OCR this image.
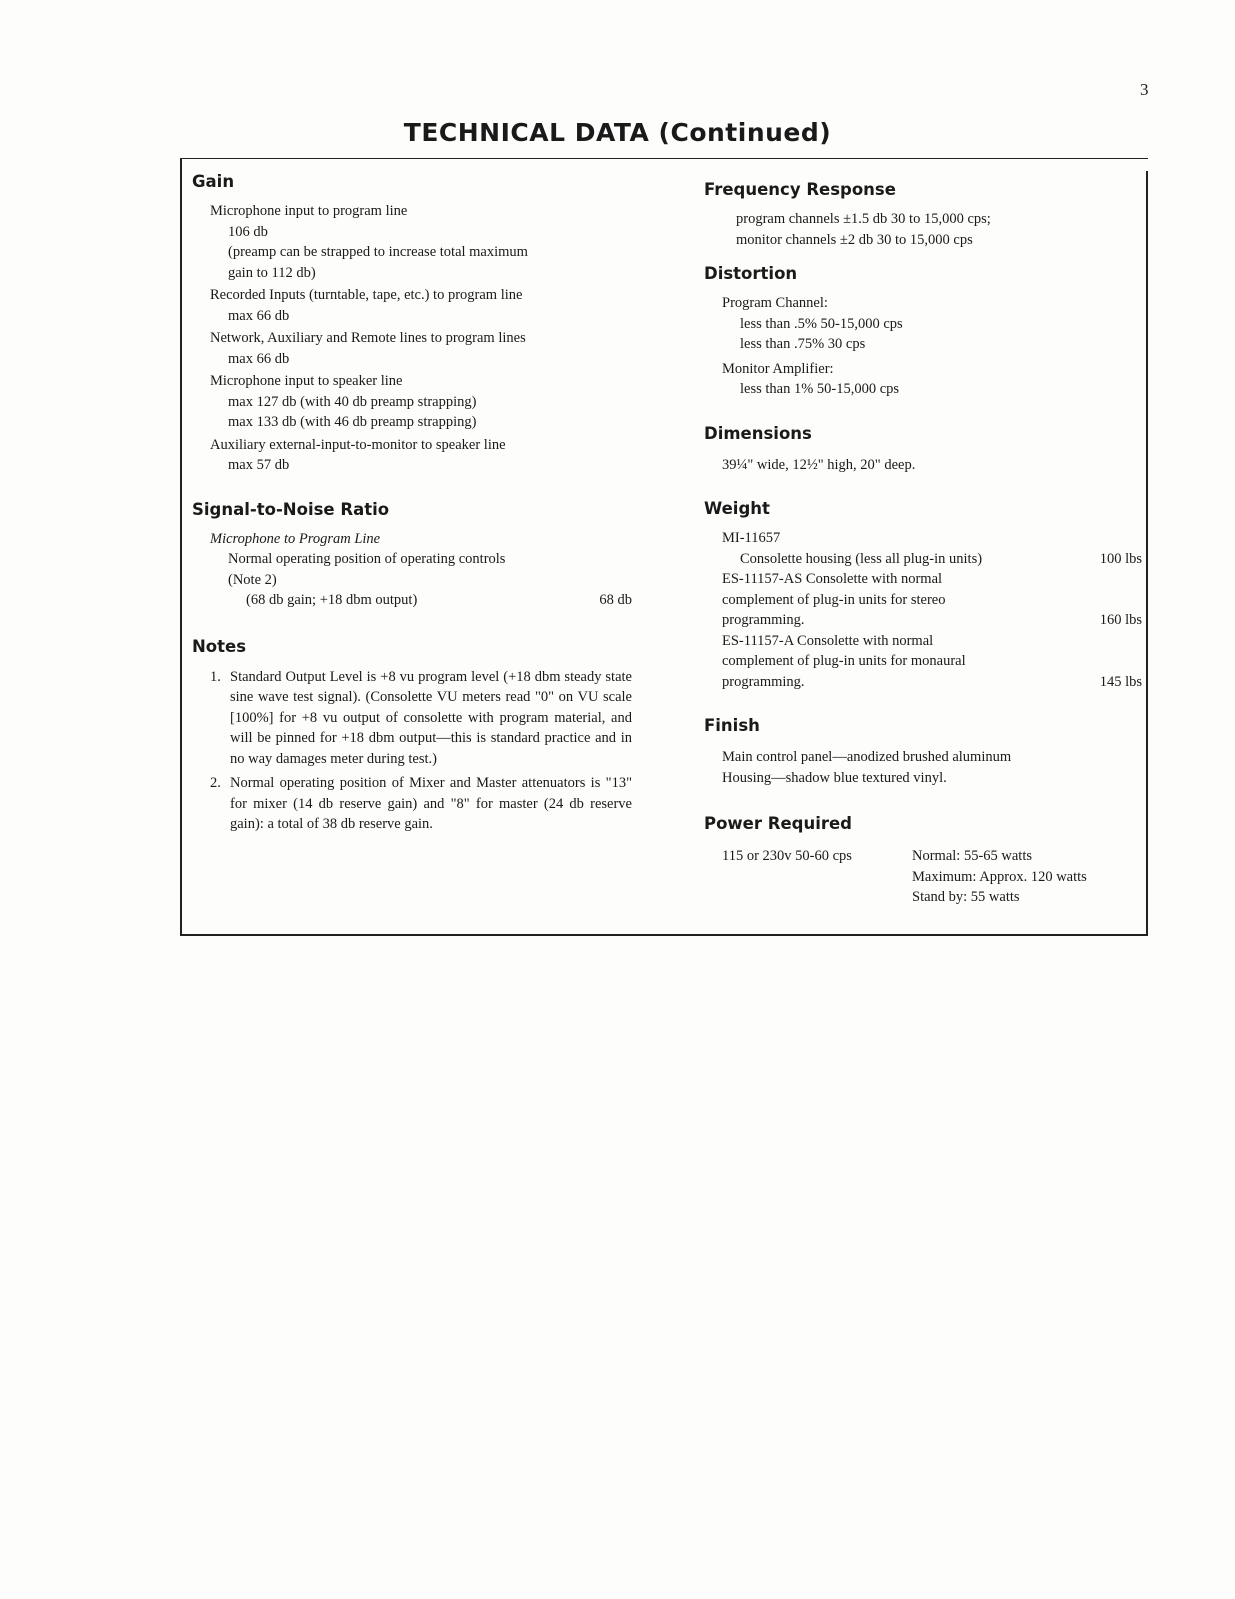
3
TECHNICAL DATA (Continued)
Gain
Microphone input to program line
106 db
(preamp can be strapped to increase total maximum
gain to 112 db)
Recorded Inputs (turntable, tape, etc.) to program line
max 66 db
Network, Auxiliary and Remote lines to program lines
max 66 db
Microphone input to speaker line
max 127 db (with 40 db preamp strapping)
max 133 db (with 46 db preamp strapping)
Auxiliary external-input-to-monitor to speaker line
max 57 db
Signal-to-Noise Ratio
Microphone to Program Line
Normal operating position of operating controls
(Note 2)
(68 db gain; +18 dbm output)	68 db
Notes
1. Standard Output Level is +8 vu program level (+18 dbm steady state sine wave test signal). (Consolette VU meters read "0" on VU scale [100%] for +8 vu output of consolette with program material, and will be pinned for +18 dbm output—this is standard practice and in no way damages meter during test.)
2. Normal operating position of Mixer and Master attenuators is "13" for mixer (14 db reserve gain) and "8" for master (24 db reserve gain): a total of 38 db reserve gain.
Frequency Response
program channels ±1.5 db 30 to 15,000 cps;
monitor channels ±2 db 30 to 15,000 cps
Distortion
Program Channel:
less than .5% 50-15,000 cps
less than .75% 30 cps
Monitor Amplifier:
less than 1% 50-15,000 cps
Dimensions
39¼" wide, 12½" high, 20" deep.
Weight
MI-11657
Consolette housing (less all plug-in units)	100 lbs
ES-11157-AS Consolette with normal
complement of plug-in units for stereo
programming.	160 lbs
ES-11157-A Consolette with normal
complement of plug-in units for monaural
programming.	145 lbs
Finish
Main control panel—anodized brushed aluminum
Housing—shadow blue textured vinyl.
Power Required
115 or 230v 50-60 cps	Normal: 55-65 watts
Maximum: Approx. 120 watts
Stand by: 55 watts
